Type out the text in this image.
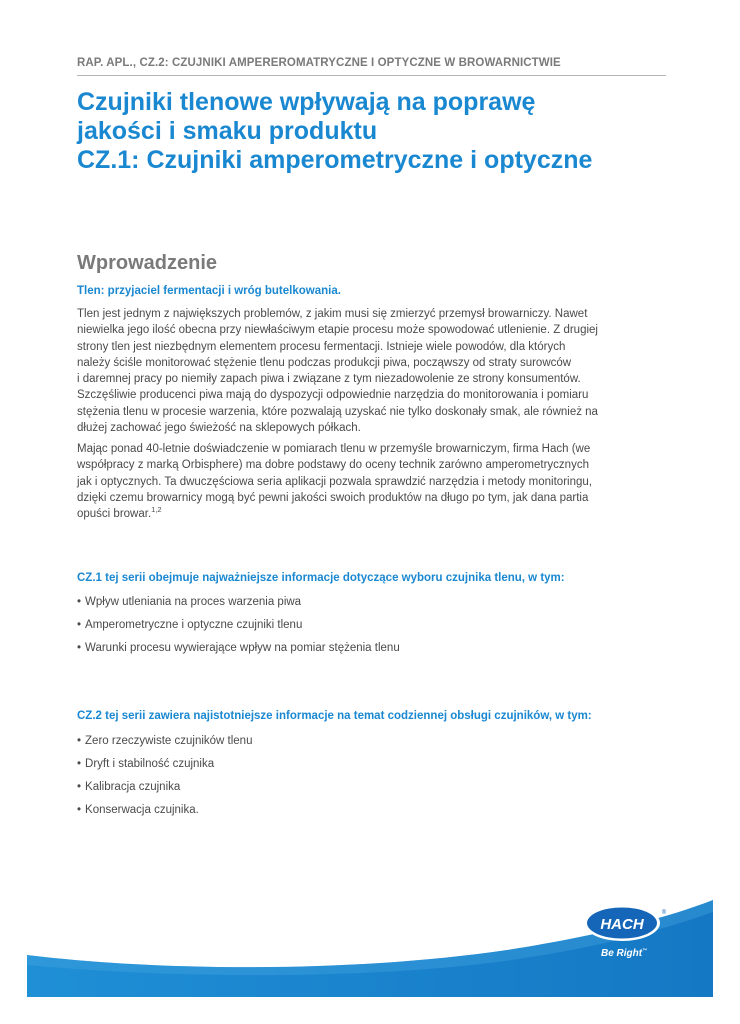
RAP. APL., CZ.2: CZUJNIKI AMPEREROMATRYCZNE I OPTYCZNE W BROWARNICTWIE
Czujniki tlenowe wpływają na poprawę
jakości i smaku produktu
CZ.1: Czujniki amperometryczne i optyczne
Wprowadzenie

Tlen: przyjaciel fermentacji i wróg butelkowania.

Tlen jest jednym z największych problemów, z jakim musi się zmierzyć przemysł browarniczy. Nawet
niewielka jego ilość obecna przy niewłaściwym etapie procesu może spowodować utlenienie. Z drugiej
strony tlen jest niezbędnym elementem procesu fermentacji. Istnieje wiele powodów, dla których
należy ściśle monitorować stężenie tlenu podczas produkcji piwa, począwszy od straty surowców
i daremnej pracy po niemiły zapach piwa i związane z tym niezadowolenie ze strony konsumentów.
Szczęśliwie producenci piwa mają do dyspozycji odpowiednie narzędzia do monitorowania i pomiaru
stężenia tlenu w procesie warzenia, które pozwalają uzyskać nie tylko doskonały smak, ale również na
dłużej zachować jego świeżość na sklepowych półkach.
Mając ponad 40-letnie doświadczenie w pomiarach tlenu w przemyśle browarniczym, firma Hach (we
współpracy z marką Orbisphere) ma dobre podstawy do oceny technik zarówno amperometrycznych
jak i optycznych. Ta dwuczęściowa seria aplikacji pozwala sprawdzić narzędzia i metody monitoringu,
dzięki czemu browarnicy mogą być pewni jakości swoich produktów na długo po tym, jak dana partia
opuści browar.$^{1,2}$

CZ.1 tej serii obejmuje najważniejsze informacje dotyczące wyboru czujnika tlenu, w tym:

• Wpływ utleniania na proces warzenia piwa
• Amperometryczne i optyczne czujniki tlenu
• Warunki procesu wywierające wpływ na pomiar stężenia tlenu

CZ.2 tej serii zawiera najistotniejsze informacje na temat codziennej obsługi czujników, w tym:

• Zero rzeczywiste czujników tlenu
• Dryft i stabilność czujnika
• Kalibracja czujnika
• Konserwacja czujnika.
HACH
®
Be Right™
